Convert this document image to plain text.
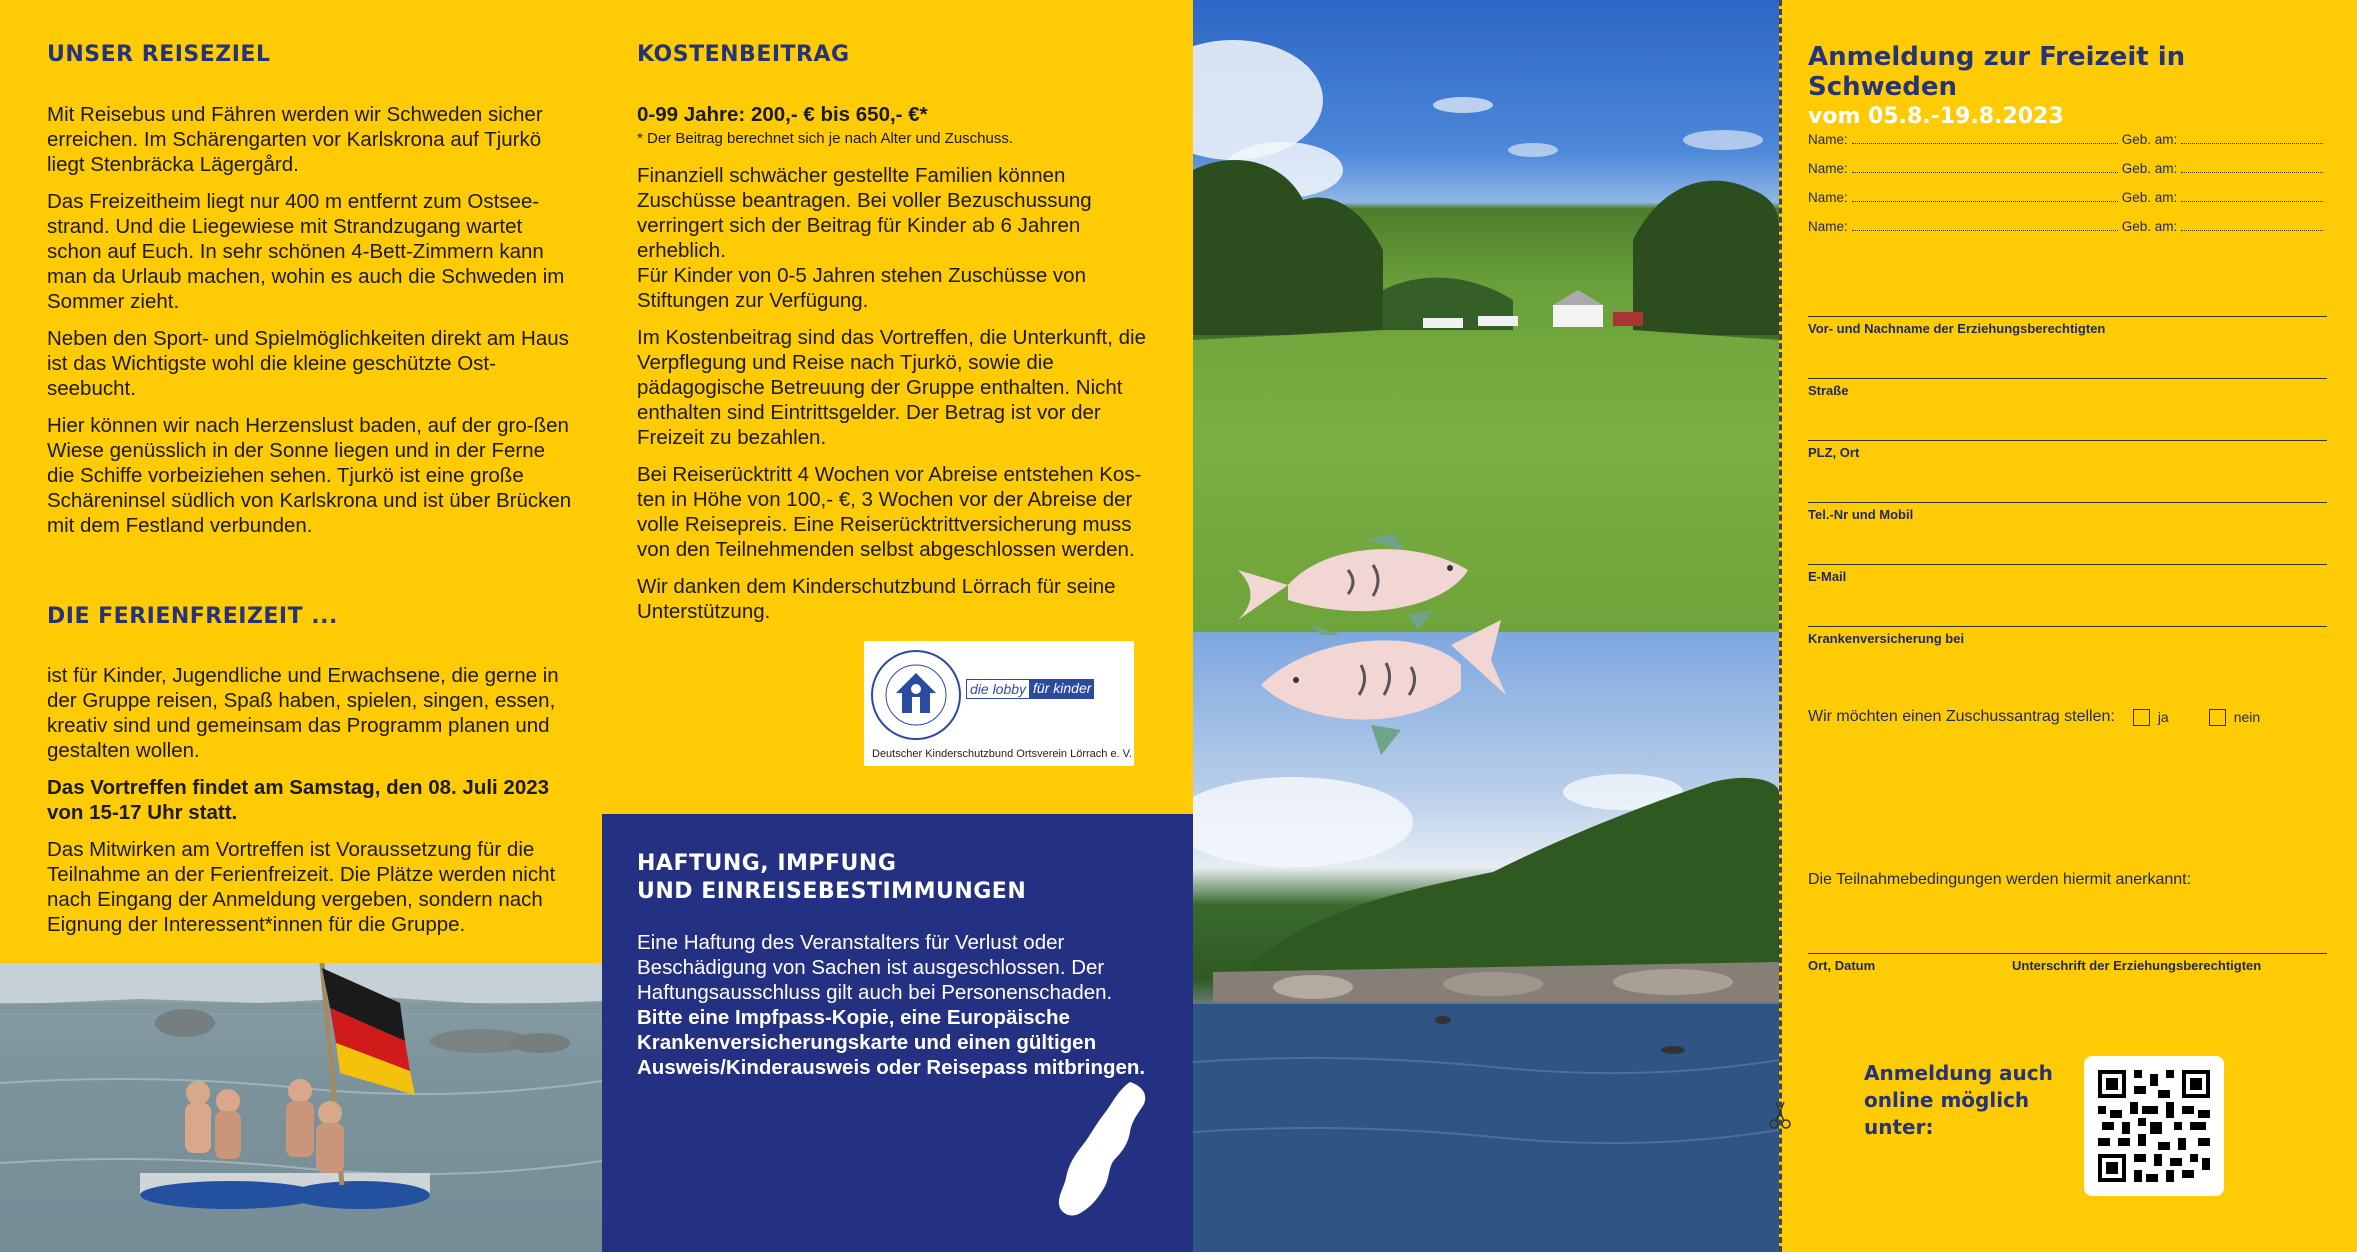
UNSER REISEZIEL

Mit Reisebus und Fähren werden wir Schweden sicher erreichen. Im Schärengarten vor Karlskrona auf Tjurkö liegt Stenbräcka Lägergård.

Das Freizeitheim liegt nur 400 m entfernt zum Ostsee-strand. Und die Liegewiese mit Strandzugang wartet schon auf Euch. In sehr schönen 4-Bett-Zimmern kann man da Urlaub machen, wohin es auch die Schweden im Sommer zieht.

Neben den Sport- und Spielmöglichkeiten direkt am Haus ist das Wichtigste wohl die kleine geschützte Ost-seebucht.

Hier können wir nach Herzenslust baden, auf der gro-ßen Wiese genüsslich in der Sonne liegen und in der Ferne die Schiffe vorbeiziehen sehen. Tjurkö ist eine große Schäreninsel südlich von Karlskrona und ist über Brücken mit dem Festland verbunden.

DIE FERIENFREIZEIT ...

ist für Kinder, Jugendliche und Erwachsene, die gerne in der Gruppe reisen, Spaß haben, spielen, singen, essen, kreativ sind und gemeinsam das Programm planen und gestalten wollen.

Das Vortreffen findet am Samstag, den 08. Juli 2023 von 15-17 Uhr statt.

Das Mitwirken am Vortreffen ist Voraussetzung für die Teilnahme an der Ferienfreizeit. Die Plätze werden nicht nach Eingang der Anmeldung vergeben, sondern nach Eignung der Interessent*innen für die Gruppe.

KOSTENBEITRAG

0-99 Jahre: 200,- € bis 650,- €*

* Der Beitrag berechnet sich je nach Alter und Zuschuss.

Finanziell schwächer gestellte Familien können Zuschüsse beantragen. Bei voller Bezuschussung verringert sich der Beitrag für Kinder ab 6 Jahren erheblich.

Für Kinder von 0-5 Jahren stehen Zuschüsse von Stiftungen zur Verfügung.

Im Kostenbeitrag sind das Vortreffen, die Unterkunft, die Verpflegung und Reise nach Tjurkö, sowie die pädagogische Betreuung der Gruppe enthalten. Nicht enthalten sind Eintrittsgelder. Der Betrag ist vor der Freizeit zu bezahlen.

Bei Reiserücktritt 4 Wochen vor Abreise entstehen Kos-ten in Höhe von 100,- €, 3 Wochen vor der Abreise der volle Reisepreis. Eine Reiserücktrittversicherung muss von den Teilnehmenden selbst abgeschlossen werden.

Wir danken dem Kinderschutzbund Lörrach für seine Unterstützung.

die lobby für kinder
Deutscher Kinderschutzbund Ortsverein Lörrach e. V.
HAFTUNG, IMPFUNG
UND EINREISEBESTIMMUNGEN

Eine Haftung des Veranstalters für Verlust oder Beschädigung von Sachen ist ausgeschlossen. Der Haftungsausschluss gilt auch bei Personenschaden.

Bitte eine Impfpass-Kopie, eine Europäische Krankenversicherungskarte und einen gültigen Ausweis/Kinderausweis oder Reisepass mitbringen.

Anmeldung zur Freizeit in Schweden
vom 05.8.-19.8.2023
Name:	Geb. am:
Name:	Geb. am:
Name:	Geb. am:
Name:	Geb. am:
Vor- und Nachname der Erziehungsberechtigten
Straße
PLZ, Ort
Tel.-Nr und Mobil
E-Mail
Krankenversicherung bei
Wir möchten einen Zuschussantrag stellen:	ja	nein
Die Teilnahmebedingungen werden hiermit anerkannt:
Ort, Datum	Unterschrift der Erziehungsberechtigten
Anmeldung auch
online möglich
unter:
